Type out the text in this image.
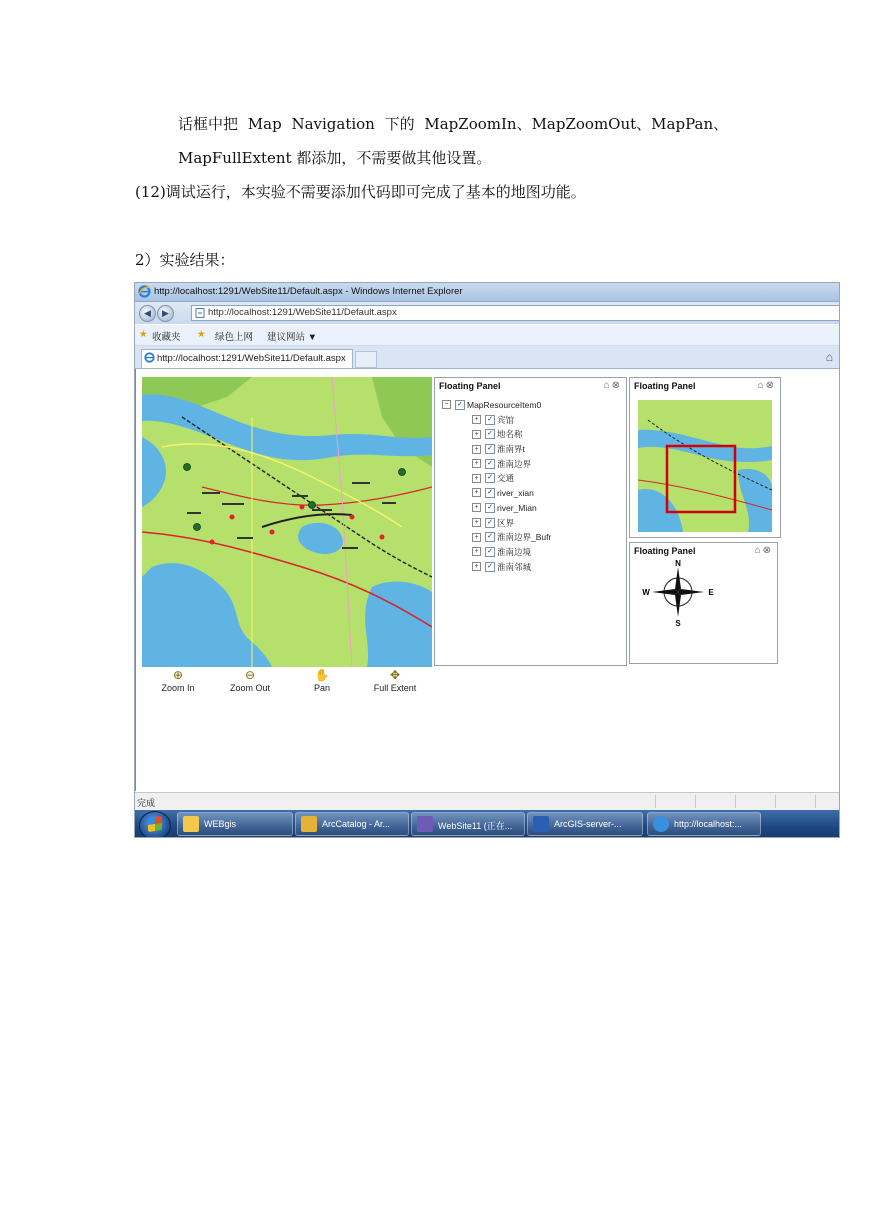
话框中把 Map Navigation 下的 MapZoomIn、MapZoomOut、MapPan、
MapFullExtent 都添加，不需要做其他设置。
(12)调试运行，本实验不需要添加代码即可完成了基本的地图功能。
2）实验结果：
http://localhost:1291/WebSite11/Default.aspx - Windows Internet Explorer
◀	▶	http://localhost:1291/WebSite11/Default.aspx
★ 收藏夹 ★ 绿色上网 建议网站 ▼
http://localhost:1291/WebSite11/Default.aspx	⌂
Floating Panel	⌂⊗
− ✓ MapResourceItem0
+ ✓ 宾馆
+ ✓ 地名称
+ ✓ 淮南界t
+ ✓ 淮南边界
+ ✓ 交通
+ ✓ river_xian
+ ✓ river_Mian
+ ✓ 区界
+ ✓ 淮南边界_Bufr
+ ✓ 淮南边境
+ ✓ 淮南邻城
Floating Panel	⌂⊗
Floating Panel	⌂⊗
N
S
W	E
⊕
Zoom In
⊖
Zoom Out
✋
Pan
✥
Full Extent
完成
WEBgis	ArcCatalog - Ar...	WebSite11 (正在...	ArcGIS-server-...	http://localhost:...
